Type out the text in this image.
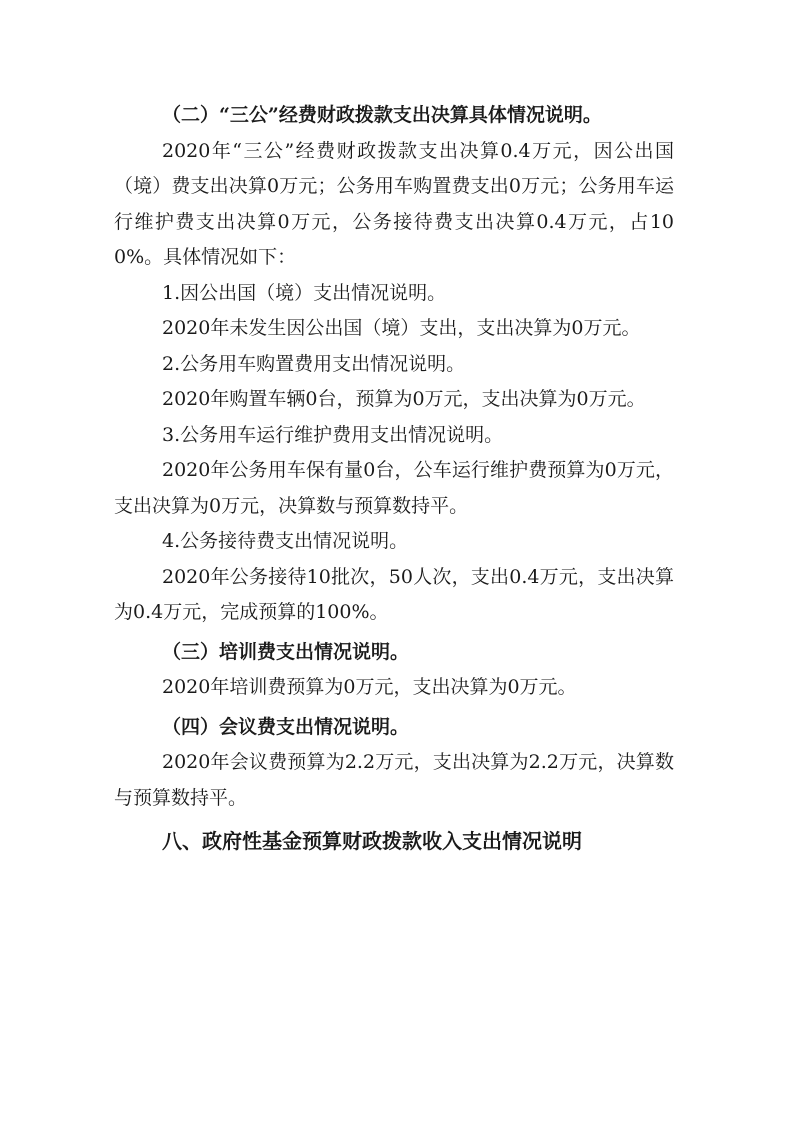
（二）“三公”经费财政拨款支出决算具体情况说明。

2020年“三公”经费财政拨款支出决算0.4万元，因公出国（境）费支出决算0万元；公务用车购置费支出0万元；公务用车运行维护费支出决算0万元，公务接待费支出决算0.4万元，占100%。具体情况如下：

1.因公出国（境）支出情况说明。

2020年未发生因公出国（境）支出，支出决算为0万元。

2.公务用车购置费用支出情况说明。

2020年购置车辆0台，预算为0万元，支出决算为0万元。

3.公务用车运行维护费用支出情况说明。

2020年公务用车保有量0台，公车运行维护费预算为0万元，支出决算为0万元，决算数与预算数持平。

4.公务接待费支出情况说明。

2020年公务接待10批次，50人次，支出0.4万元，支出决算为0.4万元，完成预算的100%。

（三）培训费支出情况说明。

2020年培训费预算为0万元，支出决算为0万元。

（四）会议费支出情况说明。

2020年会议费预算为2.2万元，支出决算为2.2万元，决算数与预算数持平。

八、政府性基金预算财政拨款收入支出情况说明
